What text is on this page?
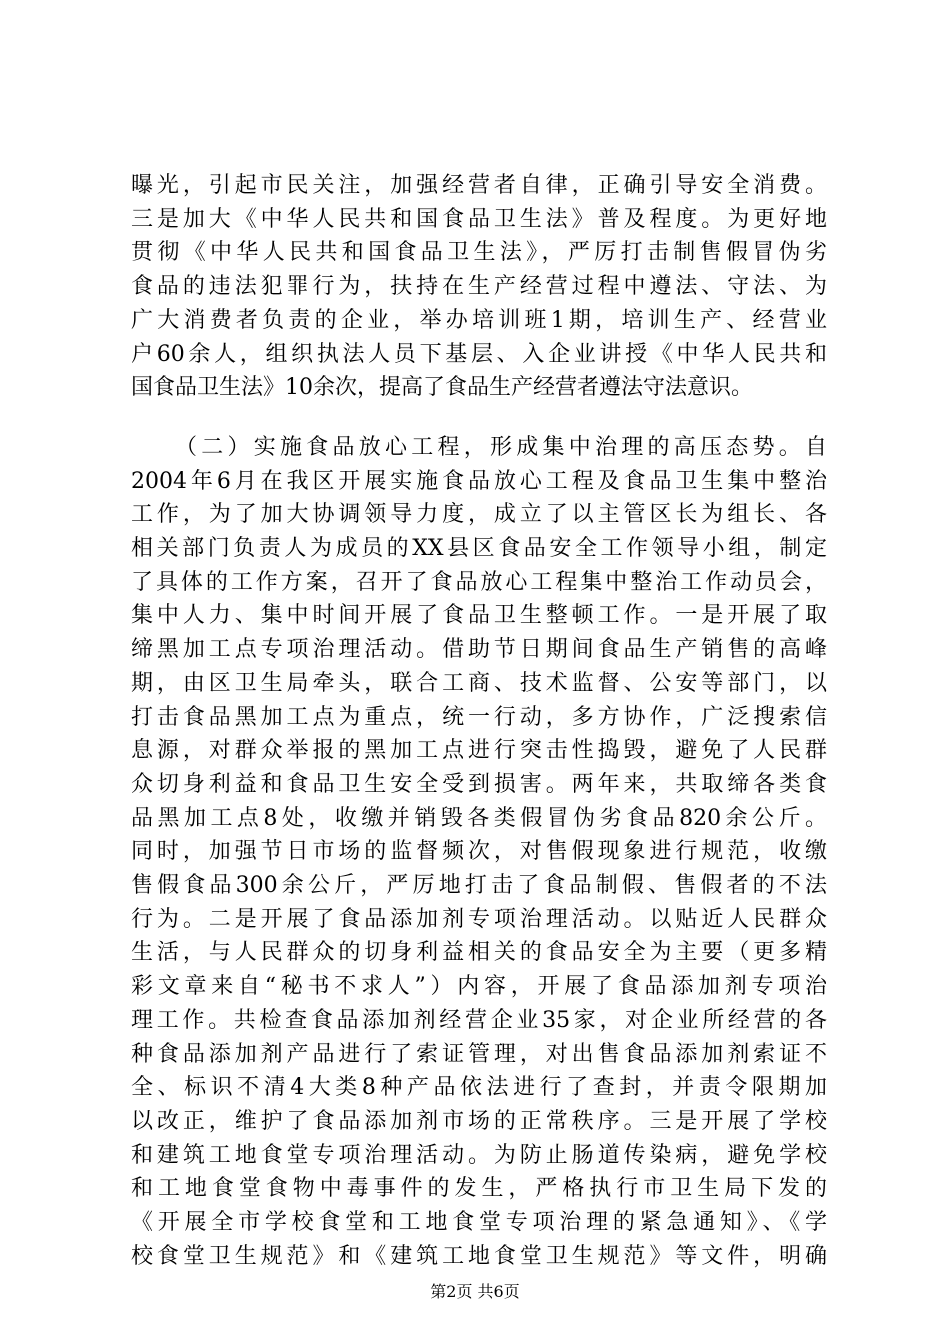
曝光，引起市民关注，加强经营者自律，正确引导安全消费。
三是加大《中华人民共和国食品卫生法》普及程度。为更好地
贯彻《中华人民共和国食品卫生法》，严厉打击制售假冒伪劣
食品的违法犯罪行为，扶持在生产经营过程中遵法、守法、为
广大消费者负责的企业，举办培训班1期，培训生产、经营业
户60余人，组织执法人员下基层、入企业讲授《中华人民共和
国食品卫生法》10余次，提高了食品生产经营者遵法守法意识。
（二）实施食品放心工程，形成集中治理的高压态势。自
2004年6月在我区开展实施食品放心工程及食品卫生集中整治
工作，为了加大协调领导力度，成立了以主管区长为组长、各
相关部门负责人为成员的XX县区食品安全工作领导小组，制定
了具体的工作方案，召开了食品放心工程集中整治工作动员会，
集中人力、集中时间开展了食品卫生整顿工作。一是开展了取
缔黑加工点专项治理活动。借助节日期间食品生产销售的高峰
期，由区卫生局牵头，联合工商、技术监督、公安等部门，以
打击食品黑加工点为重点，统一行动，多方协作，广泛搜索信
息源，对群众举报的黑加工点进行突击性捣毁，避免了人民群
众切身利益和食品卫生安全受到损害。两年来，共取缔各类食
品黑加工点8处，收缴并销毁各类假冒伪劣食品820余公斤。
同时，加强节日市场的监督频次，对售假现象进行规范，收缴
售假食品300余公斤，严厉地打击了食品制假、售假者的不法
行为。二是开展了食品添加剂专项治理活动。以贴近人民群众
生活，与人民群众的切身利益相关的食品安全为主要（更多精
彩文章来自“秘书不求人”）内容，开展了食品添加剂专项治
理工作。共检查食品添加剂经营企业35家，对企业所经营的各
种食品添加剂产品进行了索证管理，对出售食品添加剂索证不
全、标识不清4大类8种产品依法进行了查封，并责令限期加
以改正，维护了食品添加剂市场的正常秩序。三是开展了学校
和建筑工地食堂专项治理活动。为防止肠道传染病，避免学校
和工地食堂食物中毒事件的发生，严格执行市卫生局下发的
《开展全市学校食堂和工地食堂专项治理的紧急通知》、《学
校食堂卫生规范》和《建筑工地食堂卫生规范》等文件，明确
第2页 共6页
